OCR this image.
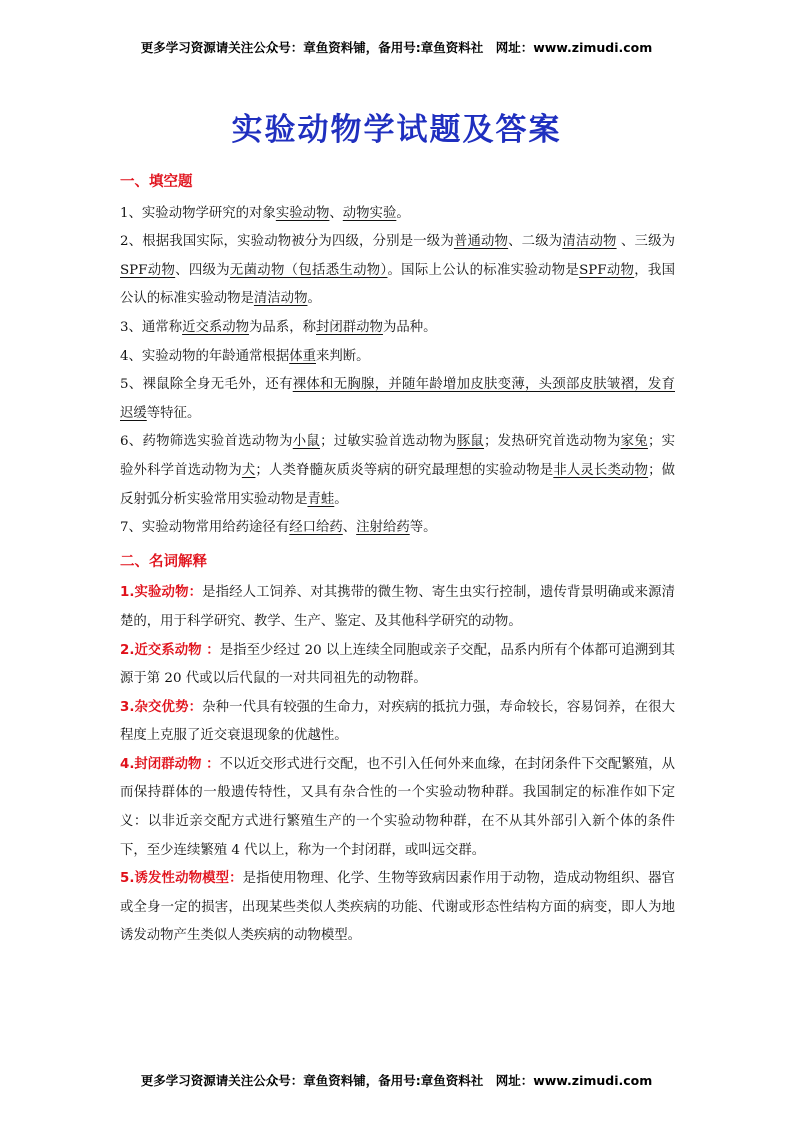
更多学习资源请关注公众号：章鱼资料铺，备用号:章鱼资料社　网址：www.zimudi.com
实验动物学试题及答案
一、填空题

1、实验动物学研究的对象实验动物、动物实验。

2、根据我国实际，实验动物被分为四级，分别是一级为普通动物、二级为清洁动物 、三级为SPF动物、四级为无菌动物（包括悉生动物）。国际上公认的标准实验动物是SPF动物，我国公认的标准实验动物是清洁动物。

3、通常称近交系动物为品系，称封闭群动物为品种。

4、实验动物的年龄通常根据体重来判断。

5、裸鼠除全身无毛外，还有裸体和无胸腺，并随年龄增加皮肤变薄，头颈部皮肤皱褶，发育迟缓等特征。

6、药物筛选实验首选动物为小鼠；过敏实验首选动物为豚鼠；发热研究首选动物为家兔；实验外科学首选动物为犬；人类脊髓灰质炎等病的研究最理想的实验动物是非人灵长类动物；做反射弧分析实验常用实验动物是青蛙。

7、实验动物常用给药途径有经口给药、注射给药等。

二、名词解释

1.实验动物：是指经人工饲养、对其携带的微生物、寄生虫实行控制，遗传背景明确或来源清楚的，用于科学研究、教学、生产、鉴定、及其他科学研究的动物。

2.近交系动物 ：是指至少经过 20 以上连续全同胞或亲子交配，品系内所有个体都可追溯到其源于第 20 代或以后代鼠的一对共同祖先的动物群。

3.杂交优势：杂种一代具有较强的生命力，对疾病的抵抗力强，寿命较长，容易饲养，在很大程度上克服了近交衰退现象的优越性。

4.封闭群动物 ：不以近交形式进行交配，也不引入任何外来血缘，在封闭条件下交配繁殖，从而保持群体的一般遗传特性，又具有杂合性的一个实验动物种群。我国制定的标准作如下定义：以非近亲交配方式进行繁殖生产的一个实验动物种群，在不从其外部引入新个体的条件下，至少连续繁殖 4 代以上，称为一个封闭群，或叫远交群。

5.诱发性动物模型：是指使用物理、化学、生物等致病因素作用于动物，造成动物组织、器官或全身一定的损害，出现某些类似人类疾病的功能、代谢或形态性结构方面的病变，即人为地诱发动物产生类似人类疾病的动物模型。

更多学习资源请关注公众号：章鱼资料铺，备用号:章鱼资料社　网址：www.zimudi.com
